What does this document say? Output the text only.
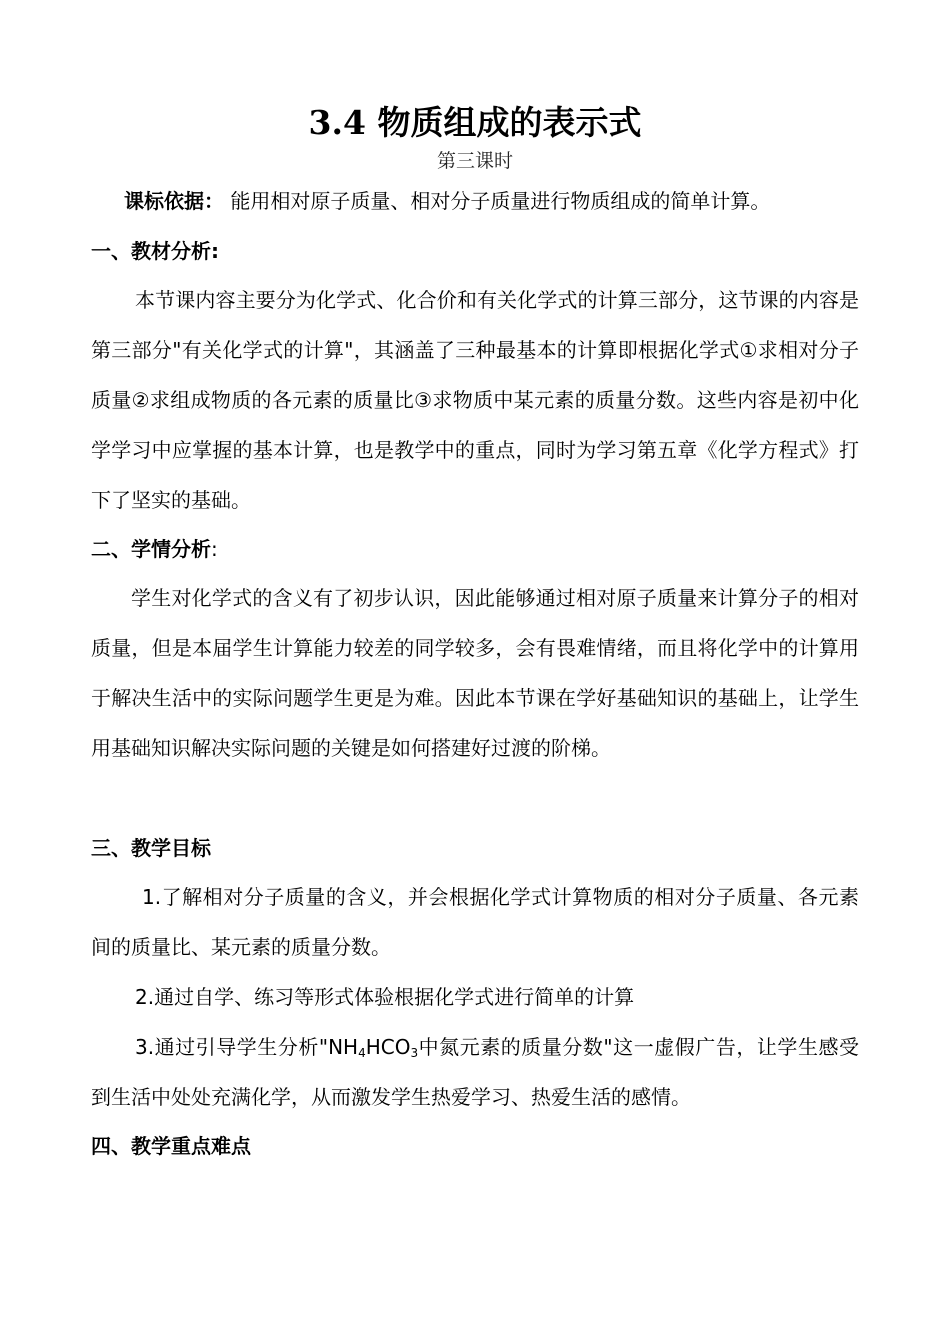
3.4 物质组成的表示式
第三课时
课标依据： 能用相对原子质量、相对分子质量进行物质组成的简单计算。
一、教材分析:
本节课内容主要分为化学式、化合价和有关化学式的计算三部分，这节课的内容是第三部分"有关化学式的计算"，其涵盖了三种最基本的计算即根据化学式①求相对分子质量②求组成物质的各元素的质量比③求物质中某元素的质量分数。这些内容是初中化学学习中应掌握的基本计算，也是教学中的重点，同时为学习第五章《化学方程式》打下了坚实的基础。
二、学情分析:
学生对化学式的含义有了初步认识，因此能够通过相对原子质量来计算分子的相对质量，但是本届学生计算能力较差的同学较多，会有畏难情绪，而且将化学中的计算用于解决生活中的实际问题学生更是为难。因此本节课在学好基础知识的基础上，让学生用基础知识解决实际问题的关键是如何搭建好过渡的阶梯。
三、教学目标
1.了解相对分子质量的含义，并会根据化学式计算物质的相对分子质量、各元素间的质量比、某元素的质量分数。
2.通过自学、练习等形式体验根据化学式进行简单的计算
3.通过引导学生分析"$NH_4HCO_3$中氮元素的质量分数"这一虚假广告，让学生感受到生活中处处充满化学，从而激发学生热爱学习、热爱生活的感情。
四、教学重点难点
